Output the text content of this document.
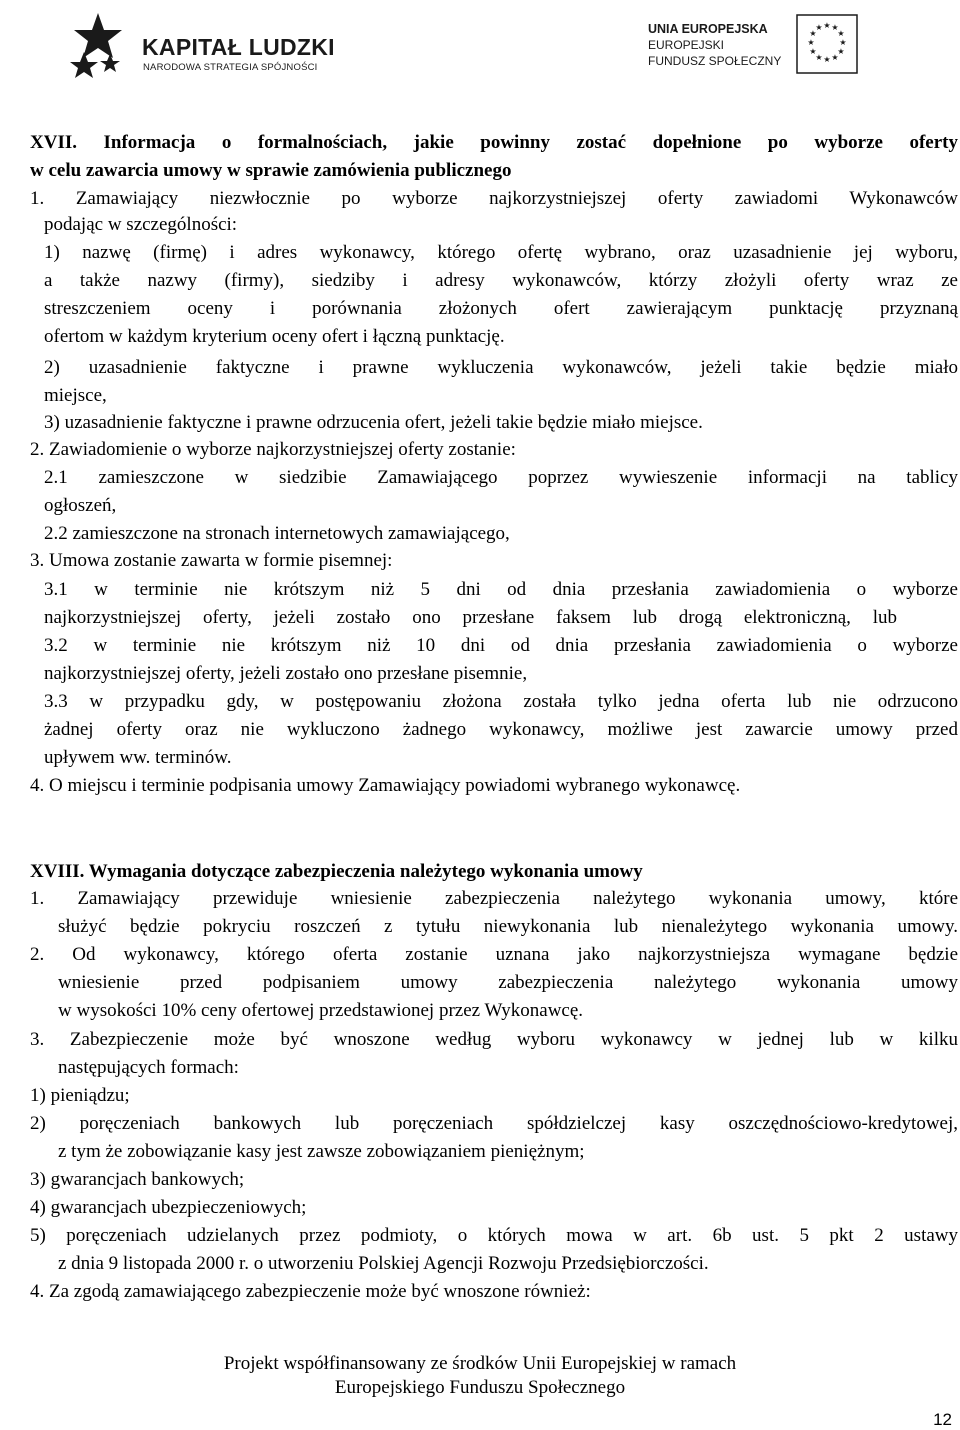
KAPITAŁ LUDZKI
NARODOWA STRATEGIA SPÓJNOŚCI
UNIA EUROPEJSKA
EUROPEJSKI
FUNDUSZ SPOŁECZNY
★ ★
★
★
★
★
★
★
★
★
★
★
XVII. Informacja o formalnościach, jakie powinny zostać dopełnione po wyborze oferty
w celu zawarcia umowy w sprawie zamówienia publicznego
1. Zamawiający niezwłocznie po wyborze najkorzystniejszej oferty zawiadomi Wykonawców
podając w szczególności:
1) nazwę (firmę) i adres wykonawcy, którego ofertę wybrano, oraz uzasadnienie jej wyboru,
a także nazwy (firmy), siedziby i adresy wykonawców, którzy złożyli oferty wraz ze
streszczeniem oceny i porównania złożonych ofert zawierającym punktację przyznaną
ofertom w każdym kryterium oceny ofert i łączną punktację.
2) uzasadnienie faktyczne i prawne wykluczenia wykonawców, jeżeli takie będzie miało
miejsce,
3) uzasadnienie faktyczne i prawne odrzucenia ofert, jeżeli takie będzie miało miejsce.
2. Zawiadomienie o wyborze najkorzystniejszej oferty zostanie:
2.1 zamieszczone w siedzibie Zamawiającego poprzez wywieszenie informacji na tablicy
ogłoszeń,
2.2 zamieszczone na stronach internetowych zamawiającego,
3. Umowa zostanie zawarta w formie pisemnej:
3.1 w terminie nie krótszym niż 5 dni od dnia przesłania zawiadomienia o wyborze
najkorzystniejszej oferty, jeżeli zostało ono przesłane faksem lub drogą elektroniczną, lub
3.2 w terminie nie krótszym niż 10 dni od dnia przesłania zawiadomienia o wyborze
najkorzystniejszej oferty, jeżeli zostało ono przesłane pisemnie,
3.3 w przypadku gdy, w postępowaniu złożona została tylko jedna oferta lub nie odrzucono
żadnej oferty oraz nie wykluczono żadnego wykonawcy, możliwe jest zawarcie umowy przed
upływem ww. terminów.
4. O miejscu i terminie podpisania umowy Zamawiający powiadomi wybranego wykonawcę.
XVIII. Wymagania dotyczące zabezpieczenia należytego wykonania umowy
1. Zamawiający przewiduje wniesienie zabezpieczenia należytego wykonania umowy, które
służyć będzie pokryciu roszczeń z tytułu niewykonania lub nienależytego wykonania umowy.
2. Od wykonawcy, którego oferta zostanie uznana jako najkorzystniejsza wymagane będzie
wniesienie przed podpisaniem umowy zabezpieczenia należytego wykonania umowy
w wysokości 10% ceny ofertowej przedstawionej przez Wykonawcę.
3. Zabezpieczenie może być wnoszone według wyboru wykonawcy w jednej lub w kilku
następujących formach:
1) pieniądzu;
2) poręczeniach bankowych lub poręczeniach spółdzielczej kasy oszczędnościowo-kredytowej,
z tym że zobowiązanie kasy jest zawsze zobowiązaniem pieniężnym;
3) gwarancjach bankowych;
4) gwarancjach ubezpieczeniowych;
5) poręczeniach udzielanych przez podmioty, o których mowa w art. 6b ust. 5 pkt 2 ustawy
z dnia 9 listopada 2000 r. o utworzeniu Polskiej Agencji Rozwoju Przedsiębiorczości.
4. Za zgodą zamawiającego zabezpieczenie może być wnoszone również:
Projekt współfinansowany ze środków Unii Europejskiej w ramach
Europejskiego Funduszu Społecznego
12
